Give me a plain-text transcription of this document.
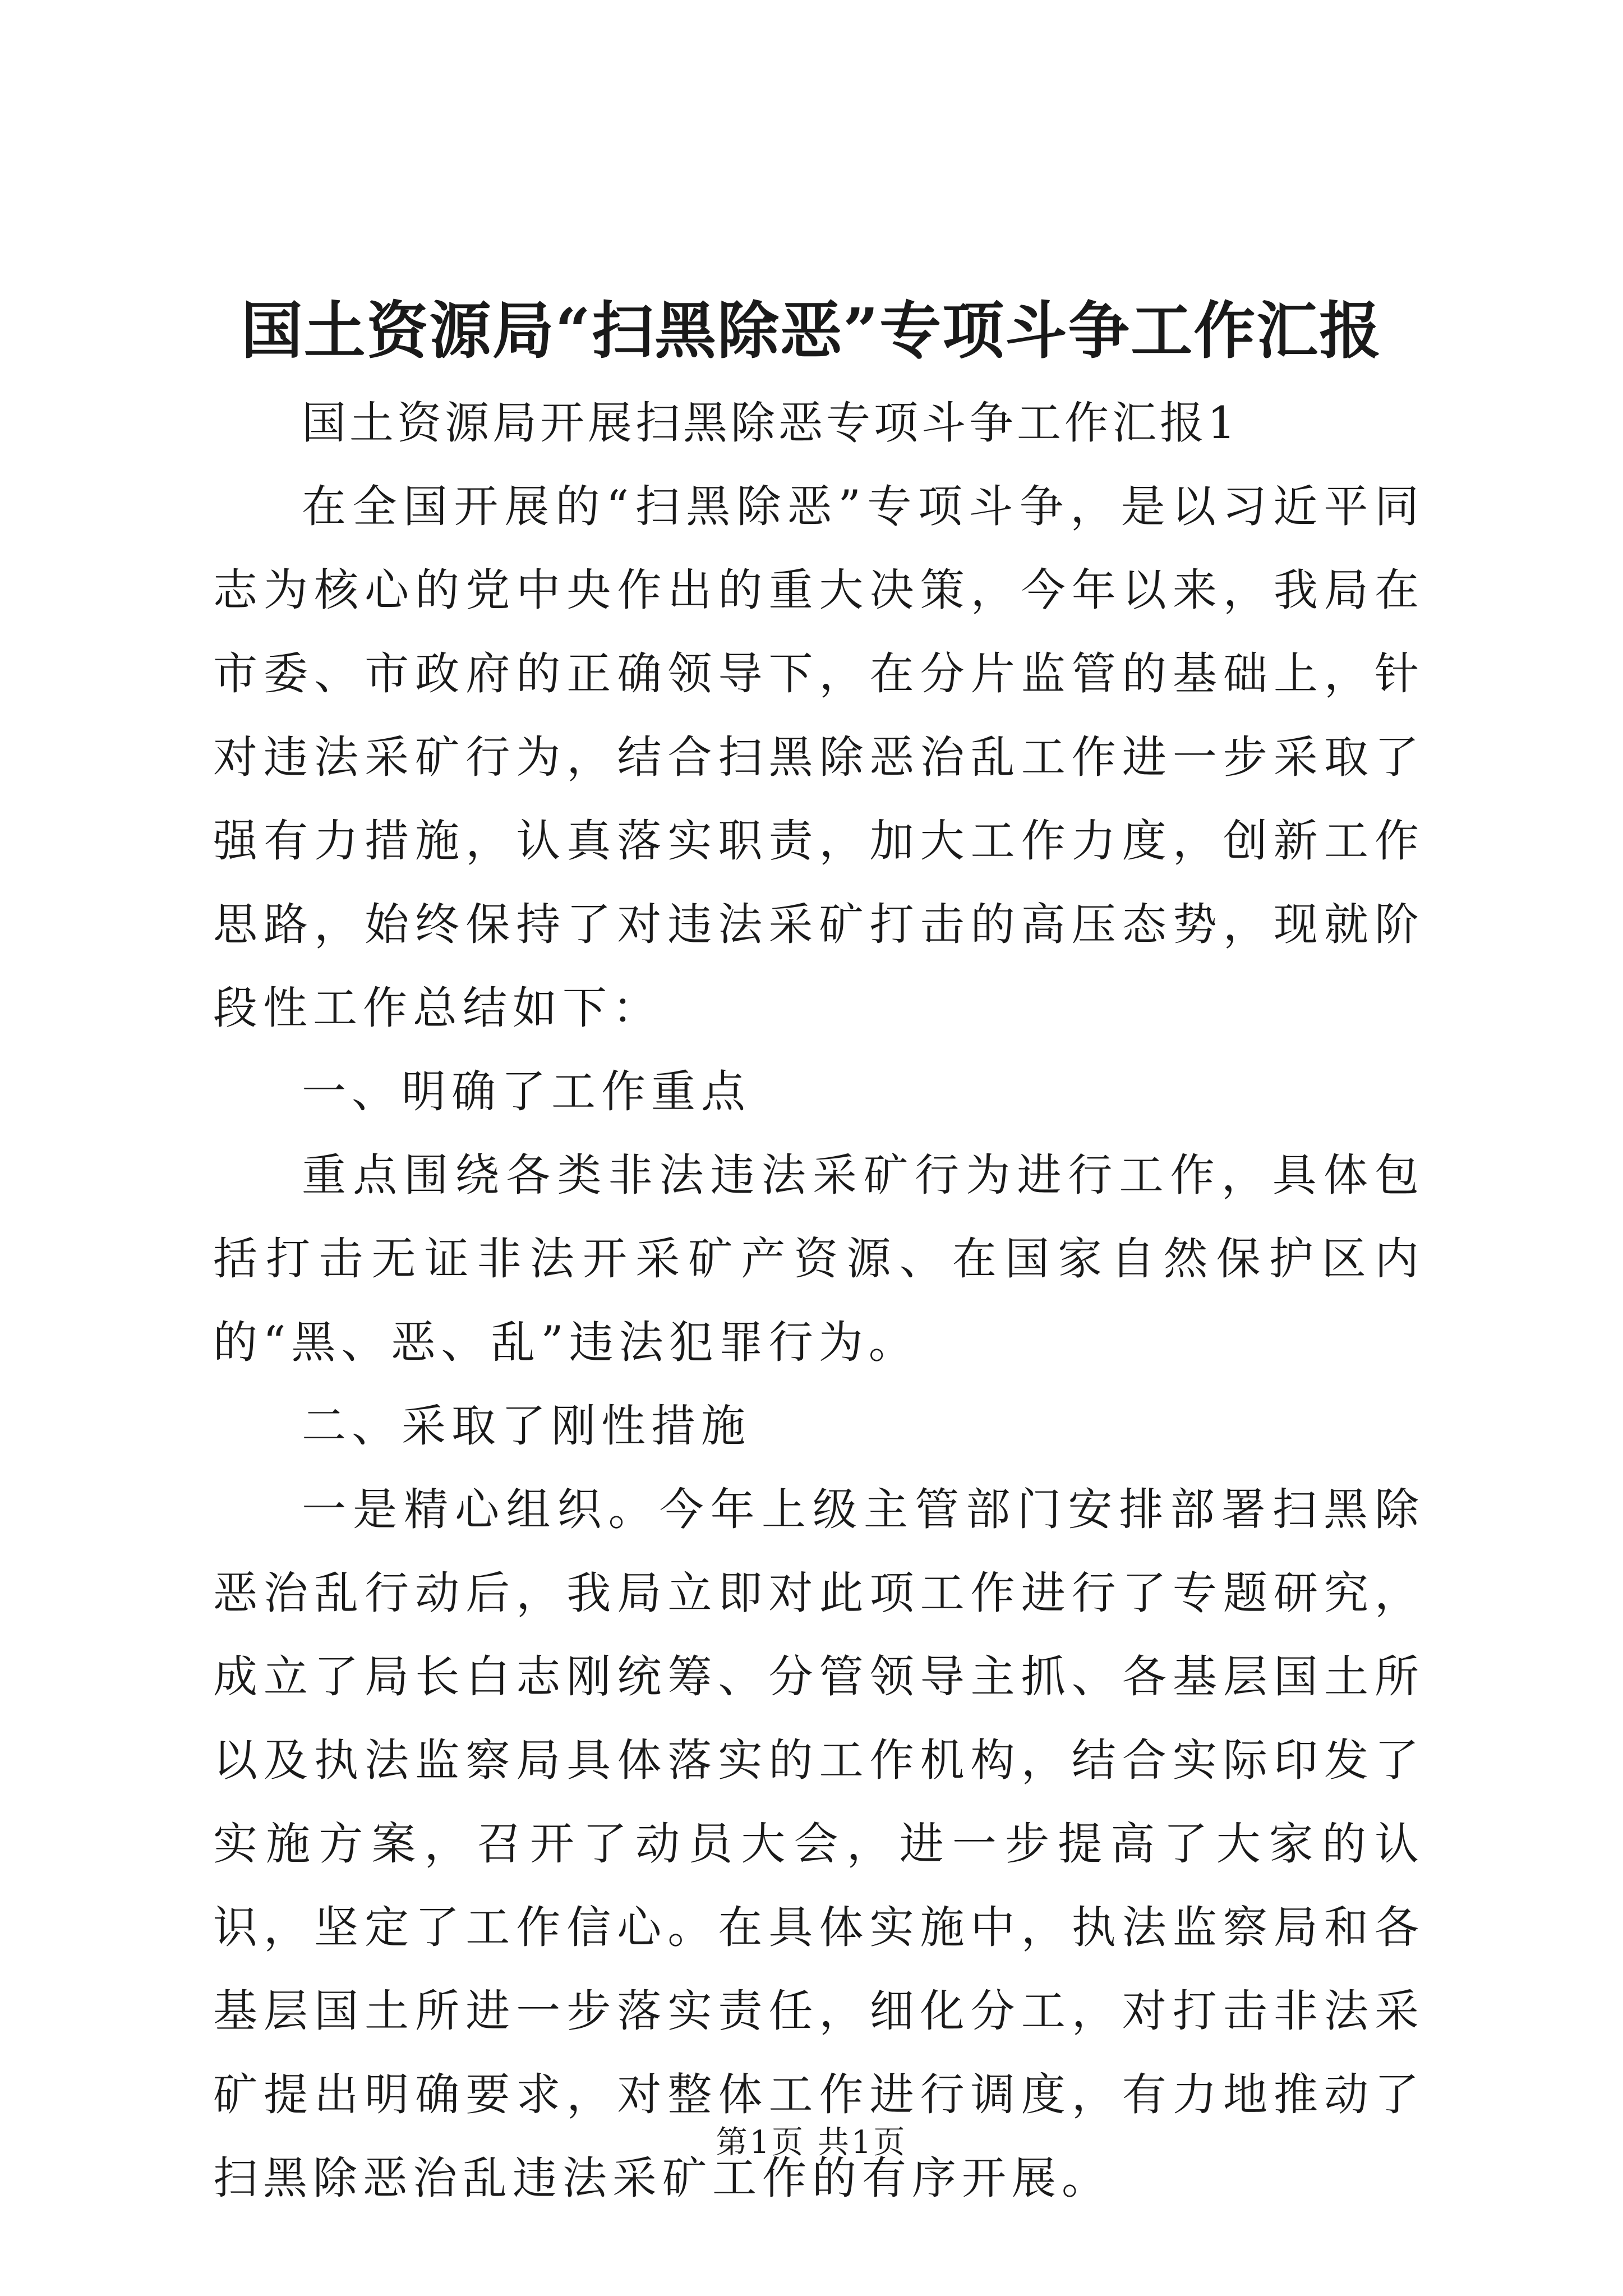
国土资源局“扫黑除恶”专项斗争工作汇报

国土资源局开展扫黑除恶专项斗争工作汇报1

在全国开展的“扫黑除恶”专项斗争，是以习近平同志为核心的党中央作出的重大决策，今年以来，我局在市委、市政府的正确领导下，在分片监管的基础上，针对违法采矿行为，结合扫黑除恶治乱工作进一步采取了强有力措施，认真落实职责，加大工作力度，创新工作思路，始终保持了对违法采矿打击的高压态势，现就阶段性工作总结如下：

一、明确了工作重点

重点围绕各类非法违法采矿行为进行工作，具体包括打击无证非法开采矿产资源、在国家自然保护区内的“黑、恶、乱”违法犯罪行为。

二、采取了刚性措施

一是精心组织。今年上级主管部门安排部署扫黑除恶治乱行动后，我局立即对此项工作进行了专题研究，成立了局长白志刚统筹、分管领导主抓、各基层国土所以及执法监察局具体落实的工作机构，结合实际印发了实施方案，召开了动员大会，进一步提高了大家的认识，坚定了工作信心。在具体实施中，执法监察局和各基层国土所进一步落实责任，细化分工，对打击非法采矿提出明确要求，对整体工作进行调度，有力地推动了扫黑除恶治乱违法采矿工作的有序开展。

第1页 共1页
